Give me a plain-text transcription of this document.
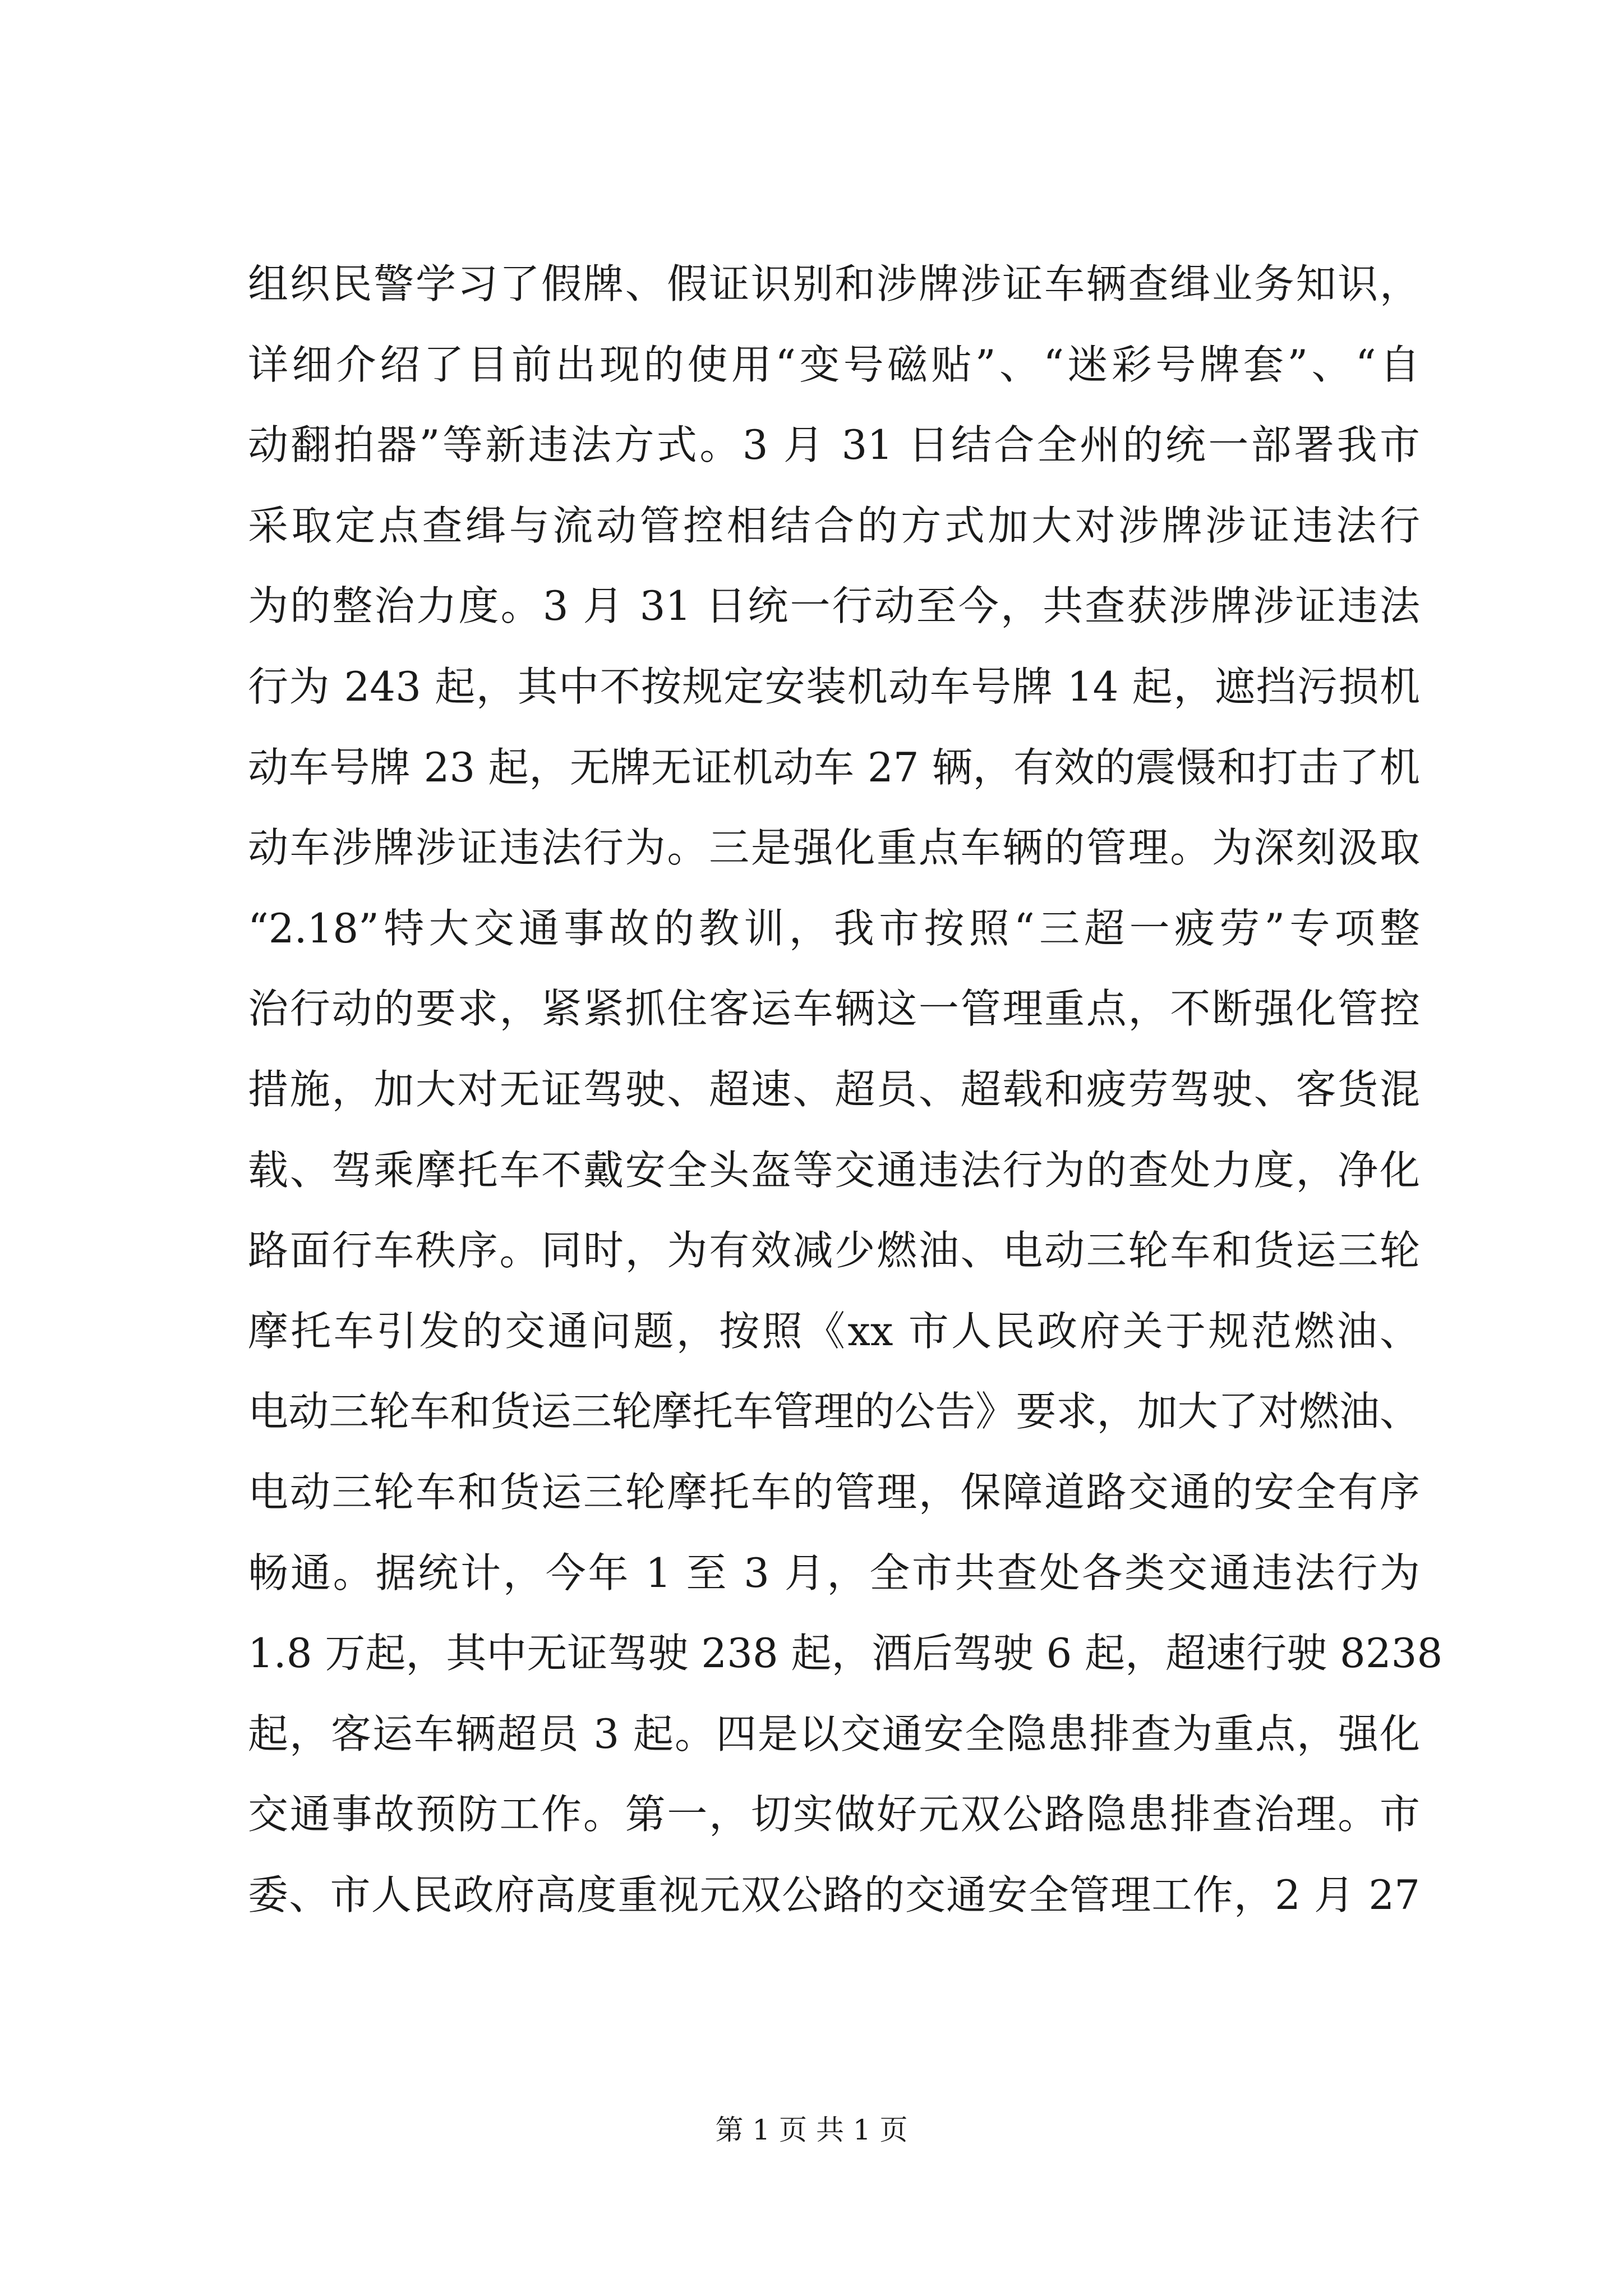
组织民警学习了假牌、假证识别和涉牌涉证车辆查缉业务知识，
详细介绍了目前出现的使用“变号磁贴”、“迷彩号牌套”、“自
动翻拍器”等新违法方式。3 月 31 日结合全州的统一部署我市
采取定点查缉与流动管控相结合的方式加大对涉牌涉证违法行
为的整治力度。3 月 31 日统一行动至今，共查获涉牌涉证违法
行为 243 起，其中不按规定安装机动车号牌 14 起，遮挡污损机
动车号牌 23 起，无牌无证机动车 27 辆，有效的震慑和打击了机
动车涉牌涉证违法行为。三是强化重点车辆的管理。为深刻汲取
“2.18”特大交通事故的教训，我市按照“三超一疲劳”专项整
治行动的要求，紧紧抓住客运车辆这一管理重点，不断强化管控
措施，加大对无证驾驶、超速、超员、超载和疲劳驾驶、客货混
载、驾乘摩托车不戴安全头盔等交通违法行为的查处力度，净化
路面行车秩序。同时，为有效减少燃油、电动三轮车和货运三轮
摩托车引发的交通问题，按照《xx 市人民政府关于规范燃油、
电动三轮车和货运三轮摩托车管理的公告》要求，加大了对燃油、
电动三轮车和货运三轮摩托车的管理，保障道路交通的安全有序
畅通。据统计，今年 1 至 3 月，全市共查处各类交通违法行为
1.8 万起，其中无证驾驶 238 起，酒后驾驶 6 起，超速行驶 8238
起，客运车辆超员 3 起。四是以交通安全隐患排查为重点，强化
交通事故预防工作。第一，切实做好元双公路隐患排查治理。市
委、市人民政府高度重视元双公路的交通安全管理工作，2 月 27
第 1 页 共 1 页
